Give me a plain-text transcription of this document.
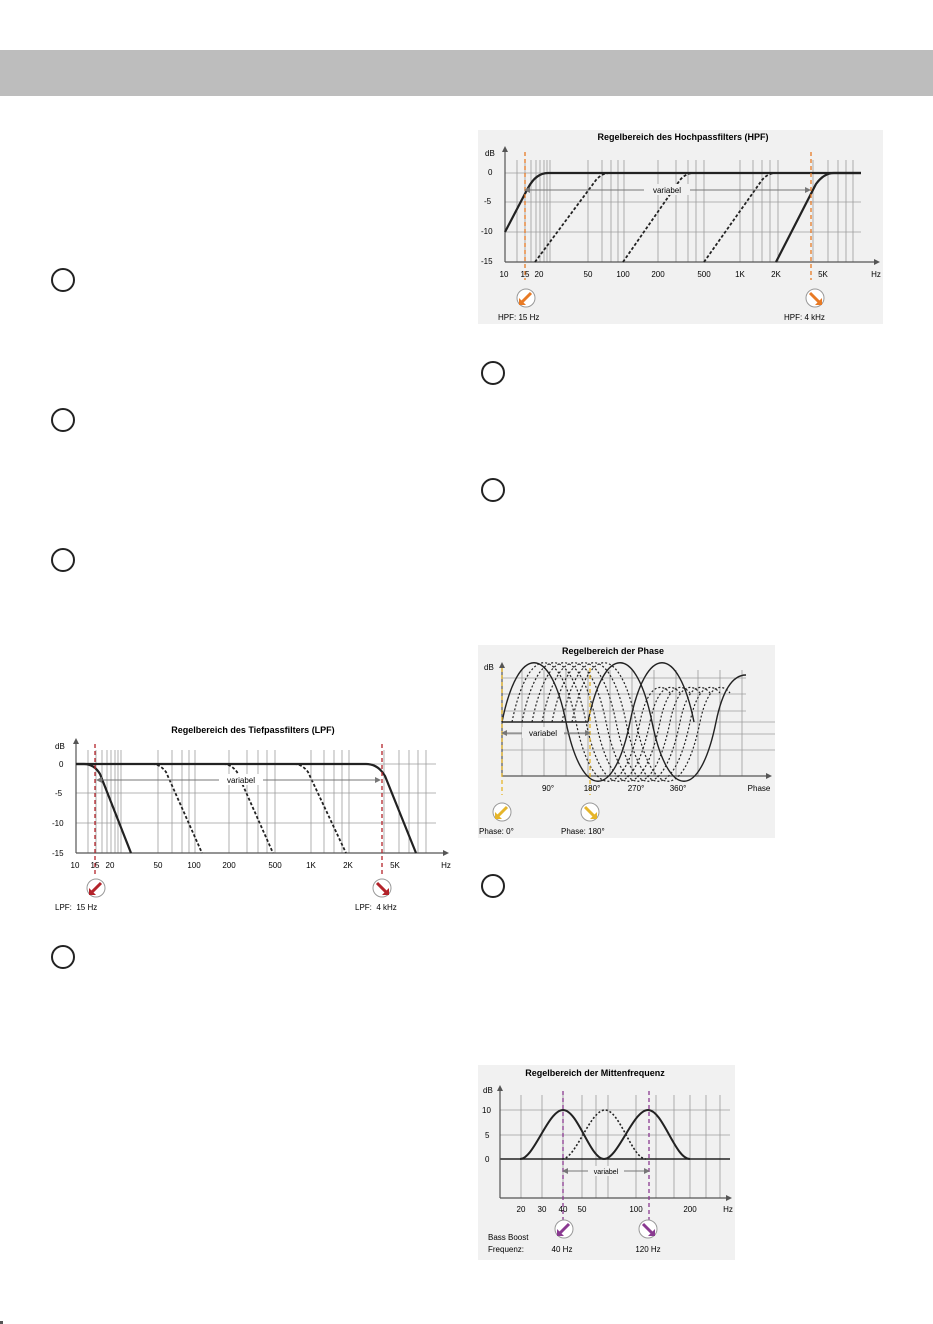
Regelbereich des Hochpassfilters (HPF)
dB
0
-5
-10
-15
variabel
10 15 20	50	100	200	500	1K	2K	5K	Hz
HPF: 15 Hz	HPF: 4 kHz
Regelbereich des Tiefpassfilters (LPF)
dB
0
-5
-10
-15
variabel
10 15 20	50	100	200	500	1K	2K	5K	Hz
LPF:  15 Hz	LPF:  4 kHz
Regelbereich der Phase
dB
variabel
90°	180°	270°	360°	Phase
Phase: 0°	Phase: 180°
Regelbereich der Mittenfrequenz
dB
10
5
0
variabel
20 30 40 50	100	200	Hz
Bass Boost
Frequenz:	40 Hz	120 Hz
